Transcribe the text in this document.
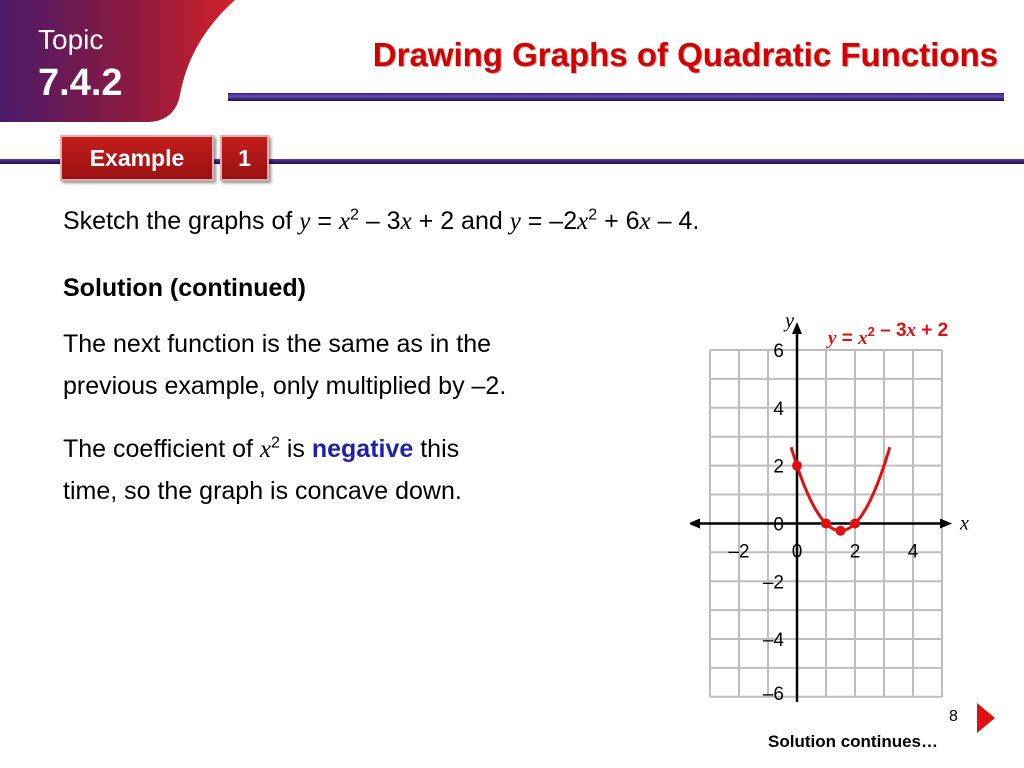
Topic
7.4.2
Drawing Graphs of Quadratic Functions
Example 1
Sketch the graphs of $y = x^2 - 3x + 2$ and $y = -2x^2 + 6x - 4$.
Solution (continued)
The next function is the same as in the
previous example, only multiplied by –2.
The coefficient of $x^2$ is negative this
time, so the graph is concave down.
–2 0 2 4
–6
–4
–2
0
2
4
6
x
y
$y = x^2 - 3x + 2$
8
Solution continues…
